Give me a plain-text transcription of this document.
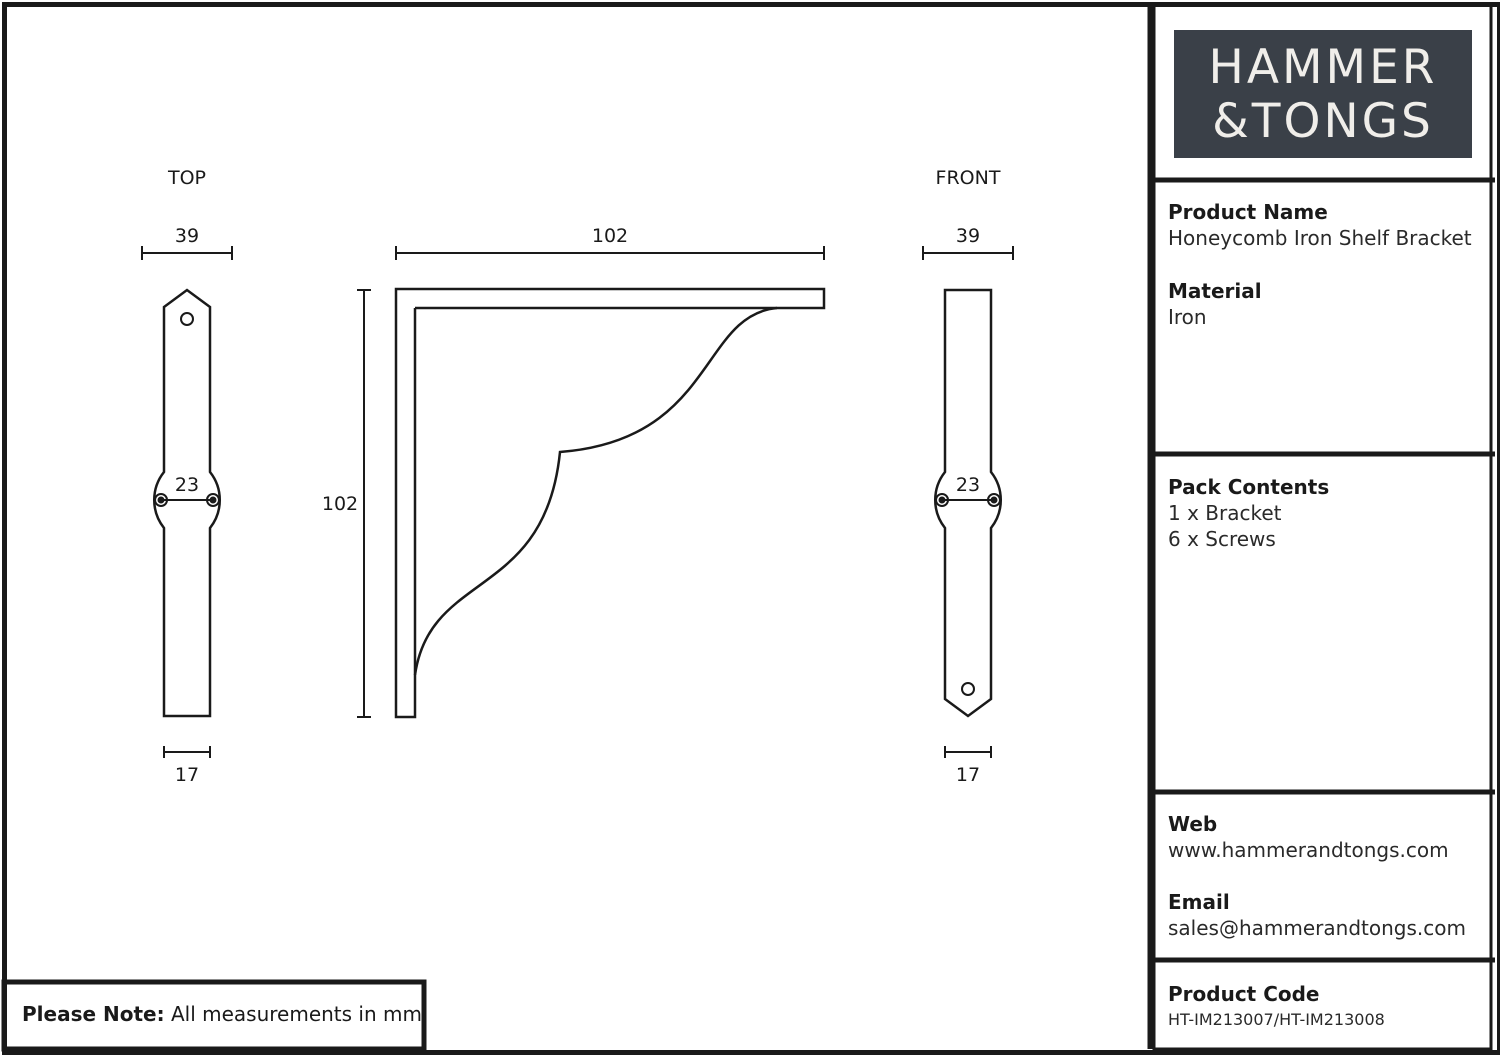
TOP
39
23
17
102
102
FRONT
39
23
17
HAMMER
&TONGS
Product Name
Honeycomb Iron Shelf Bracket
Material
Iron
Pack Contents
1 x Bracket
6 x Screws
Web
www.hammerandtongs.com
Email
sales@hammerandtongs.com
Product Code
HT-IM213007/HT-IM213008
Please Note: All measurements in mm
